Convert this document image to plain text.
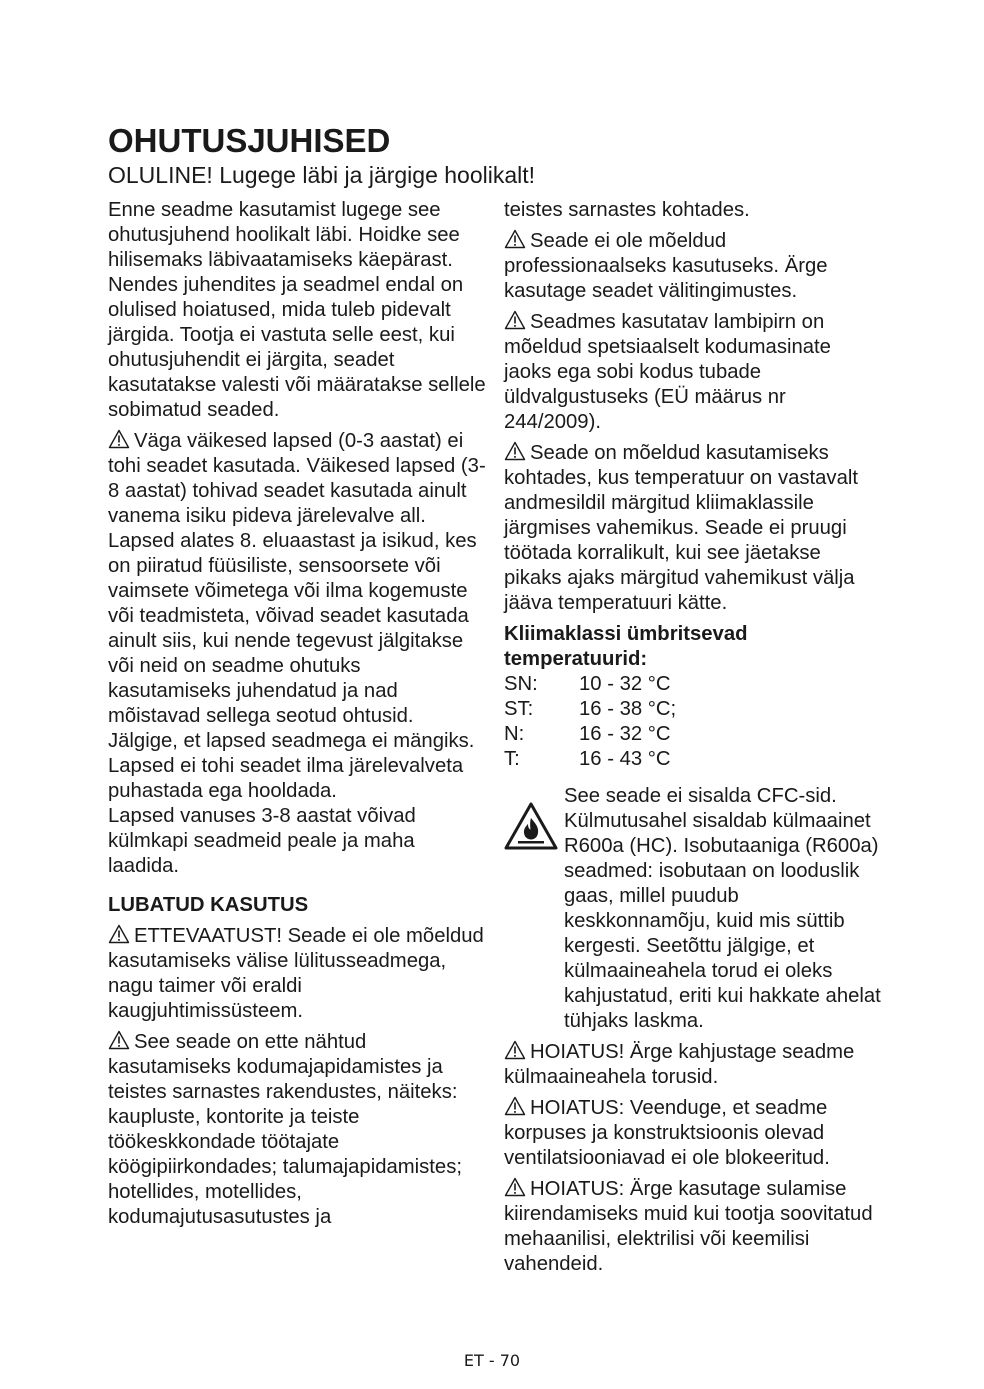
OHUTUSJUHISED

OLULINE! Lugege läbi ja järgige hoolikalt!

Enne seadme kasutamist lugege see ohutusjuhend hoolikalt läbi. Hoidke see hilisemaks läbivaatamiseks käepärast.

Nendes juhendites ja seadmel endal on olulised hoiatused, mida tuleb pidevalt järgida. Tootja ei vastuta selle eest, kui ohutusjuhendit ei järgita, seadet kasutatakse valesti või määratakse sellele sobimatud seaded.

Väga väikesed lapsed (0-3 aastat) ei tohi seadet kasutada. Väikesed lapsed (3-8 aastat) tohivad seadet kasutada ainult vanema isiku pideva järelevalve all. Lapsed alates 8. eluaastast ja isikud, kes on piiratud füüsiliste, sensoorsete või vaimsete võimetega või ilma kogemuste või teadmisteta, võivad seadet kasutada ainult siis, kui nende tegevust jälgitakse või neid on seadme ohutuks kasutamiseks juhendatud ja nad mõistavad sellega seotud ohtusid. Jälgige, et lapsed seadmega ei mängiks. Lapsed ei tohi seadet ilma järelevalveta puhastada ega hooldada.

Lapsed vanuses 3-8 aastat võivad külmkapi seadmeid peale ja maha laadida.

LUBATUD KASUTUS

ETTEVAATUST! Seade ei ole mõeldud kasutamiseks välise lülitusseadmega, nagu taimer või eraldi kaugjuhtimissüsteem.

See seade on ette nähtud kasutamiseks kodumajapidamistes ja teistes sarnastes rakendustes, näiteks: kaupluste, kontorite ja teiste töökeskkondade töötajate köögipiirkondades; talumajapidamistes; hotellides, motellides, kodumajutusasutustes ja

teistes sarnastes kohtades.

Seade ei ole mõeldud professionaalseks kasutuseks. Ärge kasutage seadet välitingimustes.

Seadmes kasutatav lambipirn on mõeldud spetsiaalselt kodumasinate jaoks ega sobi kodus tubade üldvalgustuseks (EÜ määrus nr 244/2009).

Seade on mõeldud kasutamiseks kohtades, kus temperatuur on vastavalt andmesildil märgitud kliimaklassile järgmises vahemikus. Seade ei pruugi töötada korralikult, kui see jäetakse pikaks ajaks märgitud vahemikust välja jääva temperatuuri kätte.

Kliimaklassi ümbritsevad temperatuurid:

SN:	10 - 32 °C
ST:	16 - 38 °C;
N:	16 - 32 °C
T:	16 - 43 °C

See seade ei sisalda CFC-sid. Külmutusahel sisaldab külmaainet R600a (HC). Isobutaaniga (R600a) seadmed: isobutaan on looduslik gaas, millel puudub keskkonnamõju, kuid mis süttib kergesti. Seetõttu jälgige, et külmaaineahela torud ei oleks kahjustatud, eriti kui hakkate ahelat tühjaks laskma.

HOIATUS! Ärge kahjustage seadme külmaaineahela torusid.

HOIATUS: Veenduge, et seadme korpuses ja konstruktsioonis olevad ventilatsiooniavad ei ole blokeeritud.

HOIATUS: Ärge kasutage sulamise kiirendamiseks muid kui tootja soovitatud mehaanilisi, elektrilisi või keemilisi vahendeid.

ET - 70
